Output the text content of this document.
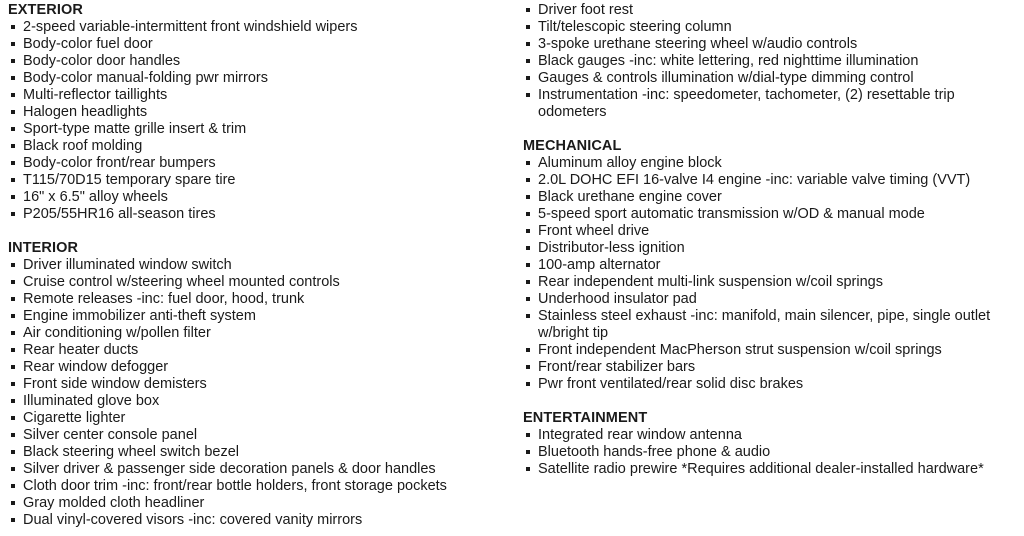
EXTERIOR
2-speed variable-intermittent front windshield wipers
Body-color fuel door
Body-color door handles
Body-color manual-folding pwr mirrors
Multi-reflector taillights
Halogen headlights
Sport-type matte grille insert & trim
Black roof molding
Body-color front/rear bumpers
T115/70D15 temporary spare tire
16" x 6.5" alloy wheels
P205/55HR16 all-season tires
INTERIOR
Driver illuminated window switch
Cruise control w/steering wheel mounted controls
Remote releases -inc: fuel door, hood, trunk
Engine immobilizer anti-theft system
Air conditioning w/pollen filter
Rear heater ducts
Rear window defogger
Front side window demisters
Illuminated glove box
Cigarette lighter
Silver center console panel
Black steering wheel switch bezel
Silver driver & passenger side decoration panels & door handles
Cloth door trim -inc: front/rear bottle holders, front storage pockets
Gray molded cloth headliner
Dual vinyl-covered visors -inc: covered vanity mirrors
Driver foot rest
Tilt/telescopic steering column
3-spoke urethane steering wheel w/audio controls
Black gauges -inc: white lettering, red nighttime illumination
Gauges & controls illumination w/dial-type dimming control
Instrumentation -inc: speedometer, tachometer, (2) resettable trip odometers
MECHANICAL
Aluminum alloy engine block
2.0L DOHC EFI 16-valve I4 engine -inc: variable valve timing (VVT)
Black urethane engine cover
5-speed sport automatic transmission w/OD & manual mode
Front wheel drive
Distributor-less ignition
100-amp alternator
Rear independent multi-link suspension w/coil springs
Underhood insulator pad
Stainless steel exhaust -inc: manifold, main silencer, pipe, single outlet w/bright tip
Front independent MacPherson strut suspension w/coil springs
Front/rear stabilizer bars
Pwr front ventilated/rear solid disc brakes
ENTERTAINMENT
Integrated rear window antenna
Bluetooth hands-free phone & audio
Satellite radio prewire *Requires additional dealer-installed hardware*
